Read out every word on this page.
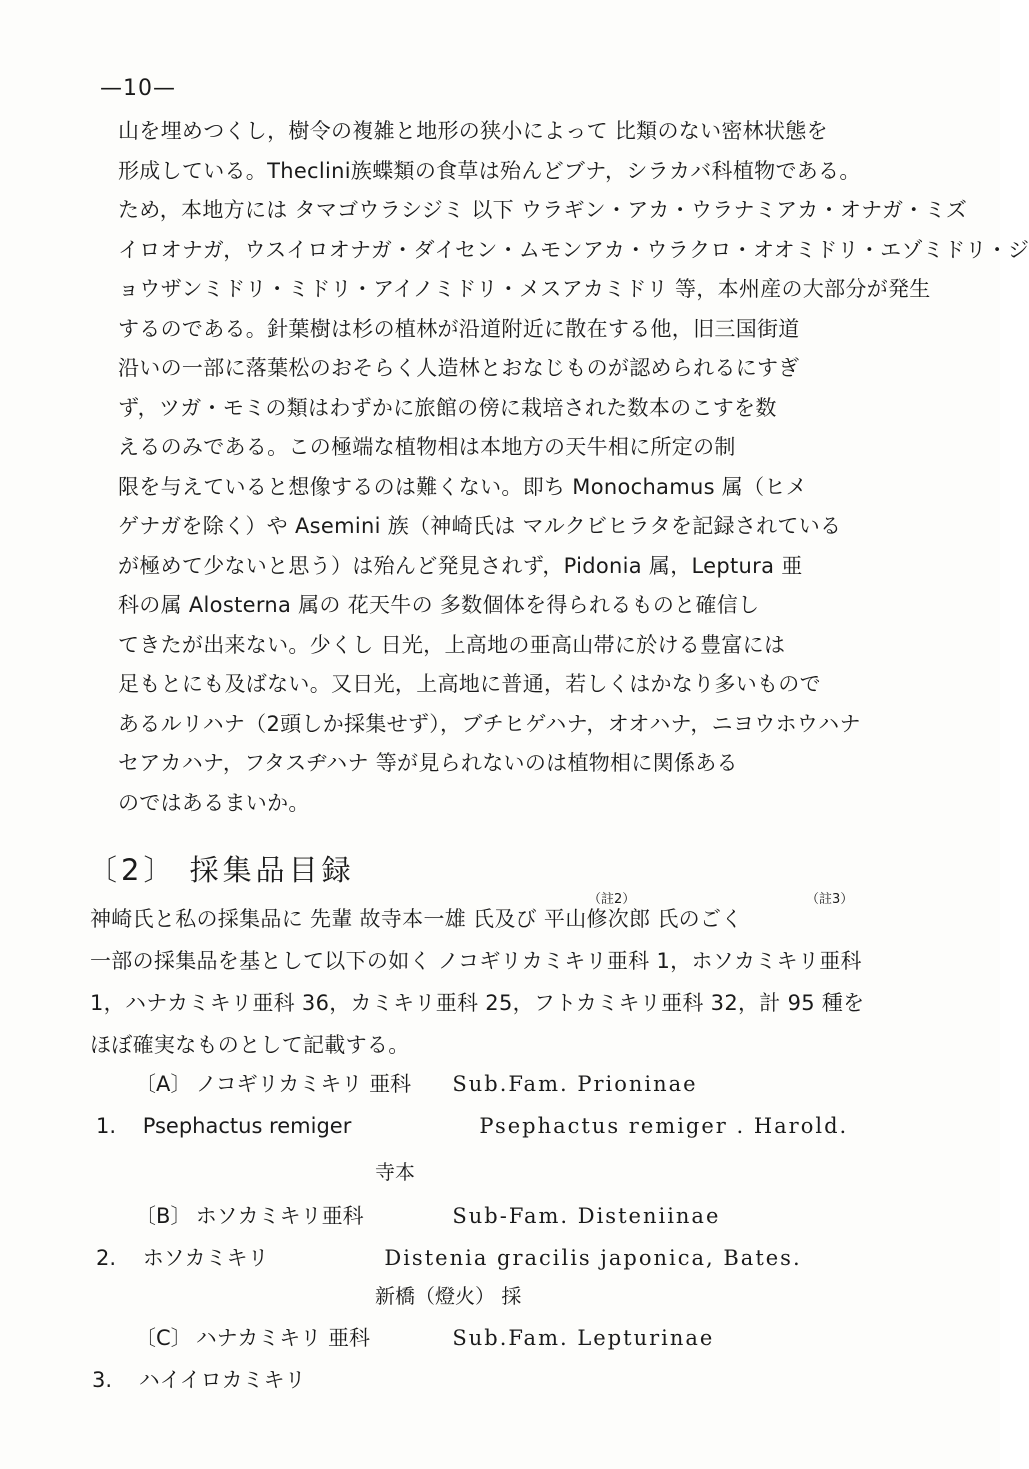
—10—
山を埋めつくし，樹令の複雑と地形の狭小によって 比類のない密林状態を
形成している。Theclini族蝶類の食草は殆んどブナ，シラカバ科植物である。
ため，本地方には タマゴウラシジミ 以下 ウラギン・アカ・ウラナミアカ・オナガ・ミズ
イロオナガ，ウスイロオナガ・ダイセン・ムモンアカ・ウラクロ・オオミドリ・エゾミドリ・ジ
ョウザンミドリ・ミドリ・アイノミドリ・メスアカミドリ 等，本州産の大部分が発生
するのである。針葉樹は杉の植林が沿道附近に散在する他，旧三国街道
沿いの一部に落葉松のおそらく人造林とおなじものが認められるにすぎ
ず，ツガ・モミの類はわずかに旅館の傍に栽培された数本のこすを数
えるのみである。この極端な植物相は本地方の天牛相に所定の制
限を与えていると想像するのは難くない。即ち Monochamus 属（ヒメ
ゲナガを除く）や Asemini 族（神崎氏は マルクビヒラタを記録されている
が極めて少ないと思う）は殆んど発見されず，Pidonia 属，Leptura 亜
科の属 Alosterna 属の 花天牛の 多数個体を得られるものと確信し
てきたが出来ない。少くし 日光，上高地の亜高山帯に於ける豊富には
足もとにも及ばない。又日光，上高地に普通，若しくはかなり多いもので
あるルリハナ（2頭しか採集せず），ブチヒゲハナ，オオハナ，ニヨウホウハナ
セアカハナ，フタスヂハナ 等が見られないのは植物相に関係ある
のではあるまいか。
〔2〕 採集品目録
（註2）	（註3）
神崎氏と私の採集品に 先輩 故寺本一雄 氏及び 平山修次郎 氏のごく
一部の採集品を基として以下の如く ノコギリカミキリ亜科 1，ホソカミキリ亜科
1，ハナカミキリ亜科 36，カミキリ亜科 25，フトカミキリ亜科 32，計 95 種を
ほぼ確実なものとして記載する。
〔A〕 ノコギリカミキリ 亜科 Sub.Fam. Prioninae
1. Psephactus remiger	Psephactus remiger . Harold.
寺本
〔B〕 ホソカミキリ亜科	Sub-Fam. Disteniinae
2. ホソカミキリ	Distenia gracilis japonica, Bates.
新橋（燈火） 採
〔C〕 ハナカミキリ 亜科	Sub.Fam. Lepturinae
3. ハイイロカミキリ
